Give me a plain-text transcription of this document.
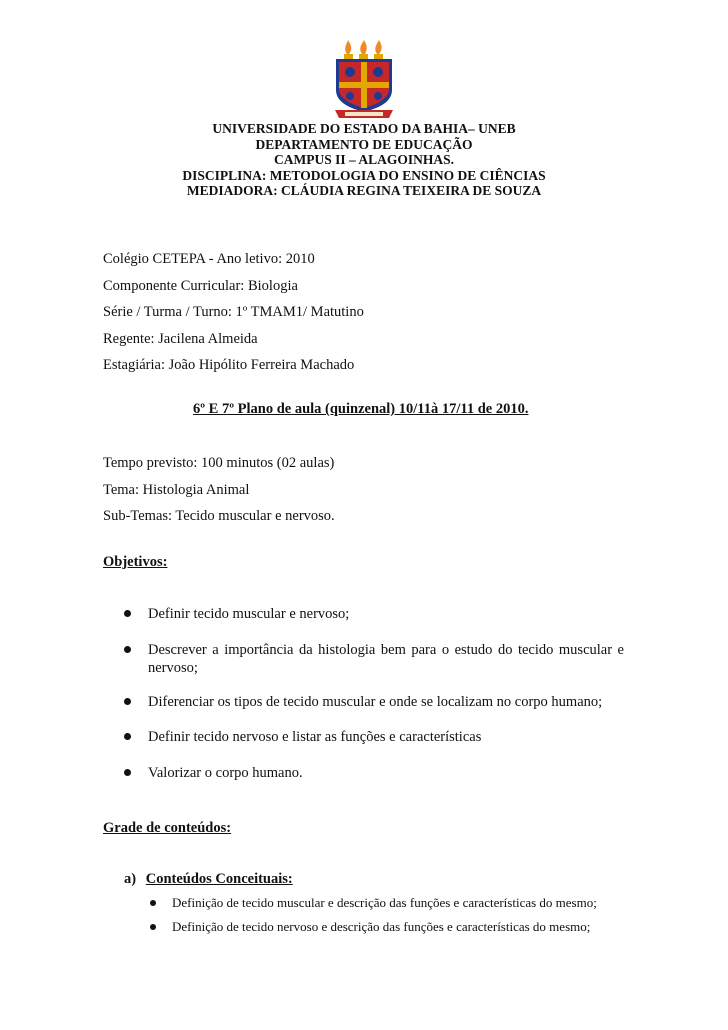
UNIVERSIDADE DO ESTADO DA BAHIA– UNEB
DEPARTAMENTO DE EDUCAÇÃO
CAMPUS II – ALAGOINHAS.
DISCIPLINA: METODOLOGIA DO ENSINO DE CIÊNCIAS
MEDIADORA: CLÁUDIA REGINA TEIXEIRA DE SOUZA
Colégio CETEPA - Ano letivo: 2010
Componente Curricular: Biologia
Série / Turma / Turno: 1º TMAM1/ Matutino
Regente: Jacilena Almeida
Estagiária: João Hipólito Ferreira Machado
6º E 7º Plano de aula (quinzenal) 10/11à 17/11 de 2010.
Tempo previsto: 100 minutos (02 aulas)
Tema: Histologia Animal
Sub-Temas: Tecido muscular e nervoso.
Objetivos:
Definir tecido muscular e nervoso;
Descrever a importância da histologia bem para o estudo do tecido muscular e nervoso;
Diferenciar os tipos de tecido muscular e onde se localizam no corpo humano;
Definir tecido nervoso e listar as funções e características
Valorizar o corpo humano.
Grade de conteúdos:
a) Conteúdos Conceituais:
Definição de tecido muscular e descrição das funções e características do mesmo;
Definição de tecido nervoso e descrição das funções e características do mesmo;
